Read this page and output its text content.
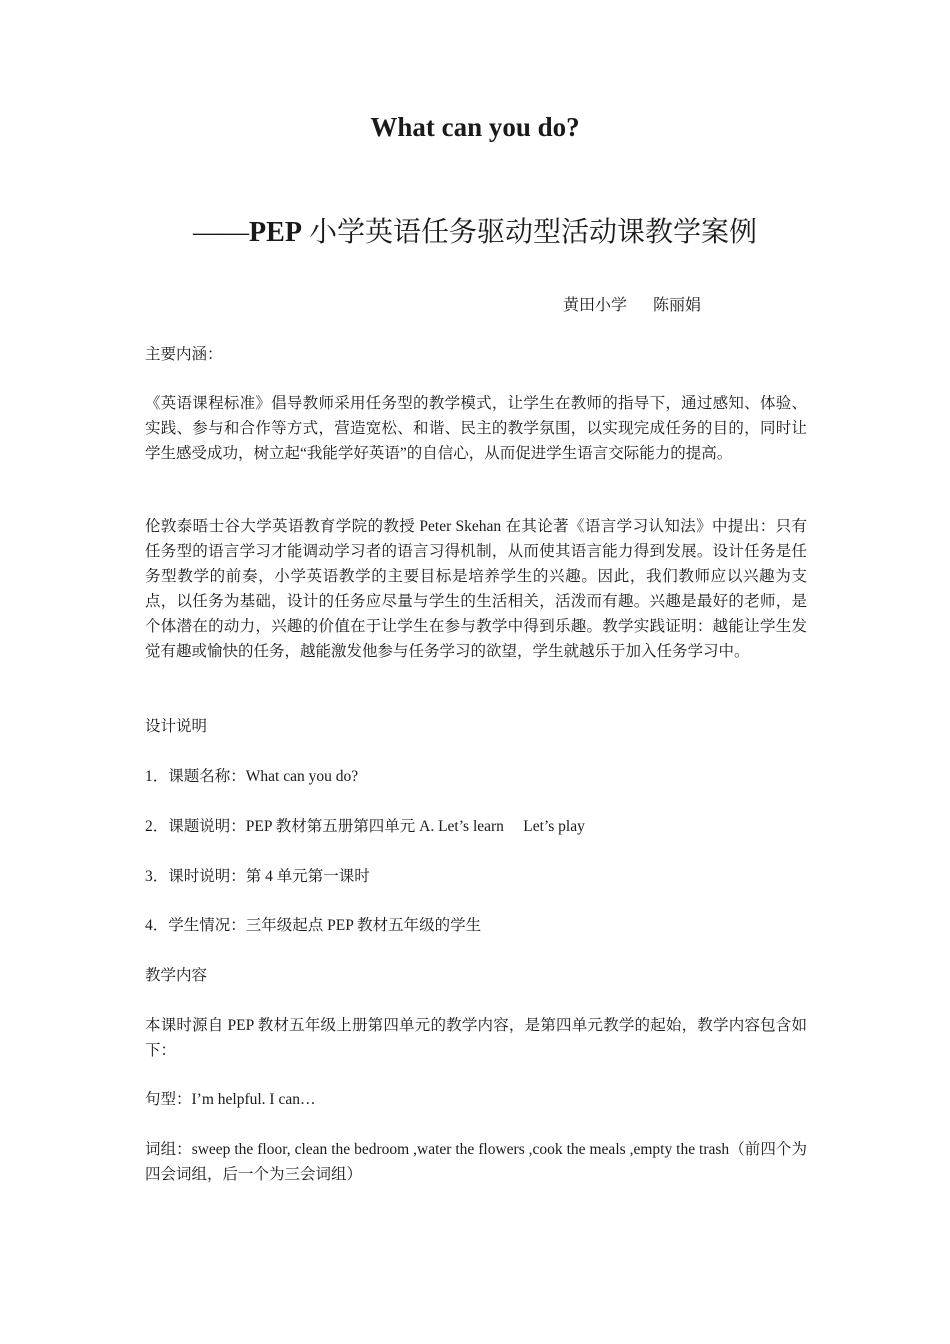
What can you do?
——PEP 小学英语任务驱动型活动课教学案例
黄田小学 陈丽娟

主要内涵：

《英语课程标准》倡导教师采用任务型的教学模式，让学生在教师的指导下，通过感知、体验、实践、参与和合作等方式，营造宽松、和谐、民主的教学氛围，以实现完成任务的目的，同时让学生感受成功，树立起“我能学好英语”的自信心，从而促进学生语言交际能力的提高。

伦敦泰晤士谷大学英语教育学院的教授 Peter Skehan 在其论著《语言学习认知法》中提出：只有任务型的语言学习才能调动学习者的语言习得机制，从而使其语言能力得到发展。设计任务是任务型教学的前奏，小学英语教学的主要目标是培养学生的兴趣。因此，我们教师应以兴趣为支点，以任务为基础，设计的任务应尽量与学生的生活相关，活泼而有趣。兴趣是最好的老师，是个体潜在的动力，兴趣的价值在于让学生在参与教学中得到乐趣。教学实践证明：越能让学生发觉有趣或愉快的任务，越能激发他参与任务学习的欲望，学生就越乐于加入任务学习中。

设计说明

1．课题名称：What can you do?

2．课题说明：PEP 教材第五册第四单元 A. Let’s learn　 Let’s play

3．课时说明：第 4 单元第一课时

4．学生情况：三年级起点 PEP 教材五年级的学生

教学内容

本课时源自 PEP 教材五年级上册第四单元的教学内容，是第四单元教学的起始，教学内容包含如下：

句型：I’m helpful. I can…

词组：sweep the floor, clean the bedroom ,water the flowers ,cook the meals ,empty the trash（前四个为四会词组，后一个为三会词组）
